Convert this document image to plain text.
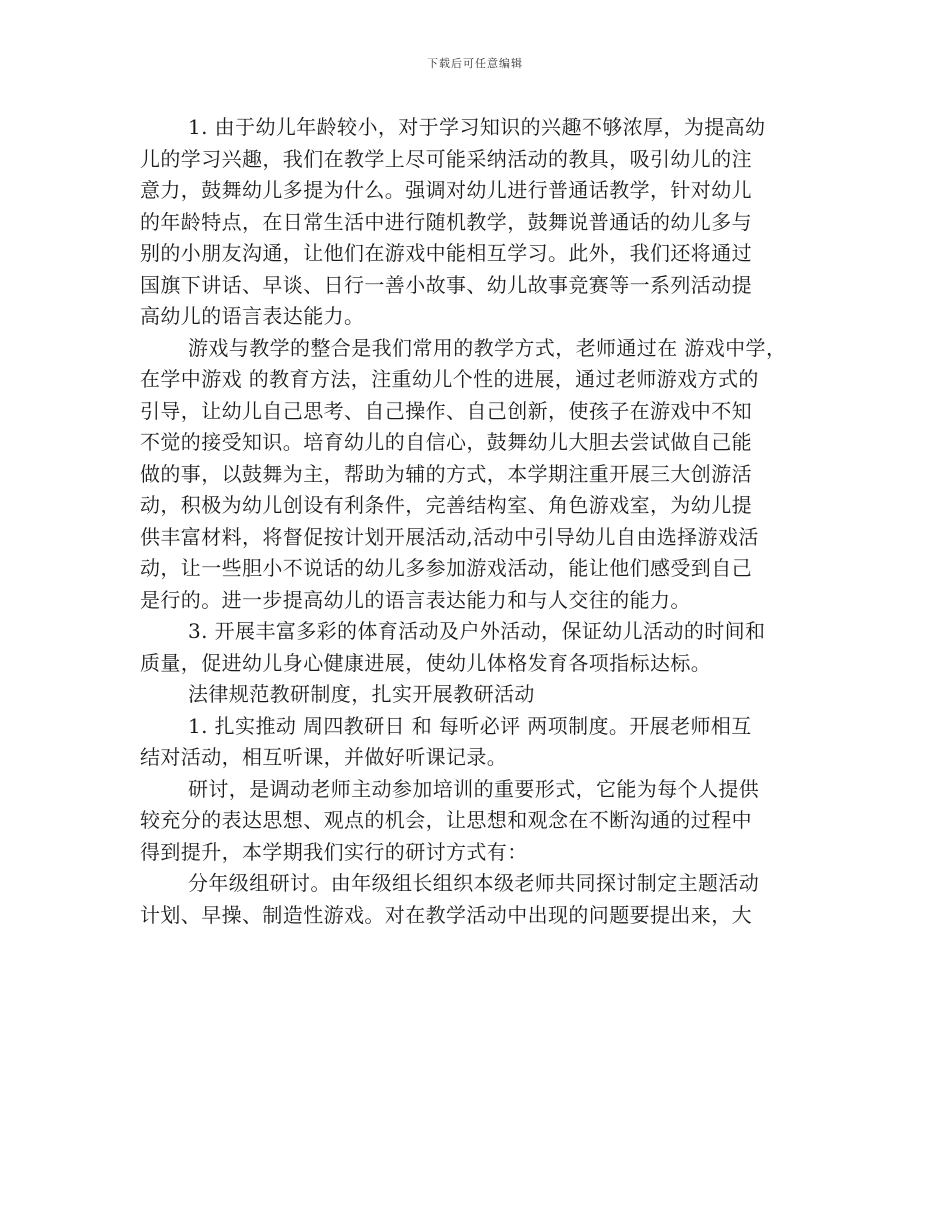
下载后可任意编辑
1. 由于幼儿年龄较小，对于学习知识的兴趣不够浓厚，为提高幼
儿的学习兴趣，我们在教学上尽可能采纳活动的教具，吸引幼儿的注
意力，鼓舞幼儿多提为什么。强调对幼儿进行普通话教学，针对幼儿
的年龄特点，在日常生活中进行随机教学，鼓舞说普通话的幼儿多与
别的小朋友沟通，让他们在游戏中能相互学习。此外，我们还将通过
国旗下讲话、早谈、日行一善小故事、幼儿故事竞赛等一系列活动提
高幼儿的语言表达能力。
游戏与教学的整合是我们常用的教学方式，老师通过在 游戏中学，
在学中游戏 的教育方法，注重幼儿个性的进展，通过老师游戏方式的
引导，让幼儿自己思考、自己操作、自己创新，使孩子在游戏中不知
不觉的接受知识。培育幼儿的自信心，鼓舞幼儿大胆去尝试做自己能
做的事，以鼓舞为主，帮助为辅的方式，本学期注重开展三大创游活
动，积极为幼儿创设有利条件，完善结构室、角色游戏室，为幼儿提
供丰富材料，将督促按计划开展活动,活动中引导幼儿自由选择游戏活
动，让一些胆小不说话的幼儿多参加游戏活动，能让他们感受到自己
是行的。进一步提高幼儿的语言表达能力和与人交往的能力。
3. 开展丰富多彩的体育活动及户外活动，保证幼儿活动的时间和
质量，促进幼儿身心健康进展，使幼儿体格发育各项指标达标。
法律规范教研制度，扎实开展教研活动
1. 扎实推动 周四教研日 和 每听必评 两项制度。开展老师相互
结对活动，相互听课，并做好听课记录。
研讨，是调动老师主动参加培训的重要形式，它能为每个人提供
较充分的表达思想、观点的机会，让思想和观念在不断沟通的过程中
得到提升，本学期我们实行的研讨方式有：
分年级组研讨。由年级组长组织本级老师共同探讨制定主题活动
计划、早操、制造性游戏。对在教学活动中出现的问题要提出来，大
